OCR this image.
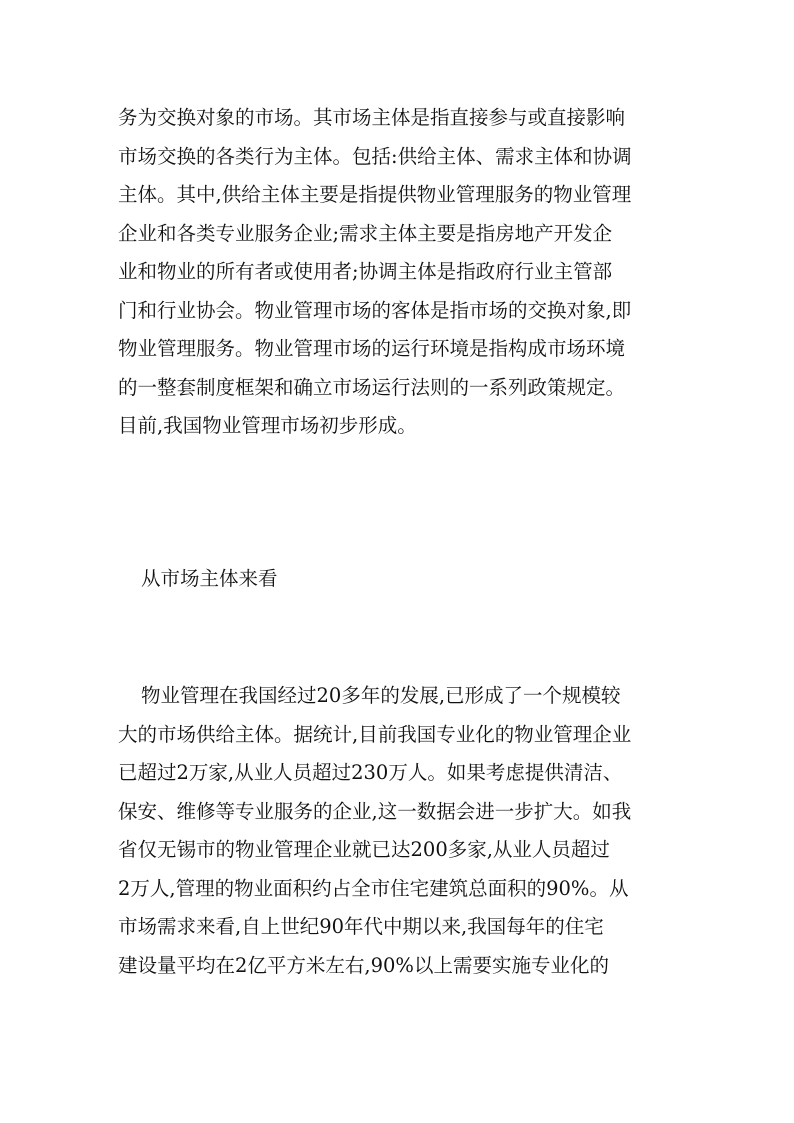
务为交换对象的市场。其市场主体是指直接参与或直接影响
市场交换的各类行为主体。包括:供给主体、需求主体和协调
主体。其中,供给主体主要是指提供物业管理服务的物业管理
企业和各类专业服务企业;需求主体主要是指房地产开发企
业和物业的所有者或使用者;协调主体是指政府行业主管部
门和行业协会。物业管理市场的客体是指市场的交换对象,即
物业管理服务。物业管理市场的运行环境是指构成市场环境
的一整套制度框架和确立市场运行法则的一系列政策规定。
目前,我国物业管理市场初步形成。
从市场主体来看
物业管理在我国经过20多年的发展,已形成了一个规模较
大的市场供给主体。据统计,目前我国专业化的物业管理企业
已超过2万家,从业人员超过230万人。如果考虑提供清洁、
保安、维修等专业服务的企业,这一数据会进一步扩大。如我
省仅无锡市的物业管理企业就已达200多家,从业人员超过
2万人,管理的物业面积约占全市住宅建筑总面积的90%。从
市场需求来看,自上世纪90年代中期以来,我国每年的住宅
建设量平均在2亿平方米左右,90%以上需要实施专业化的
